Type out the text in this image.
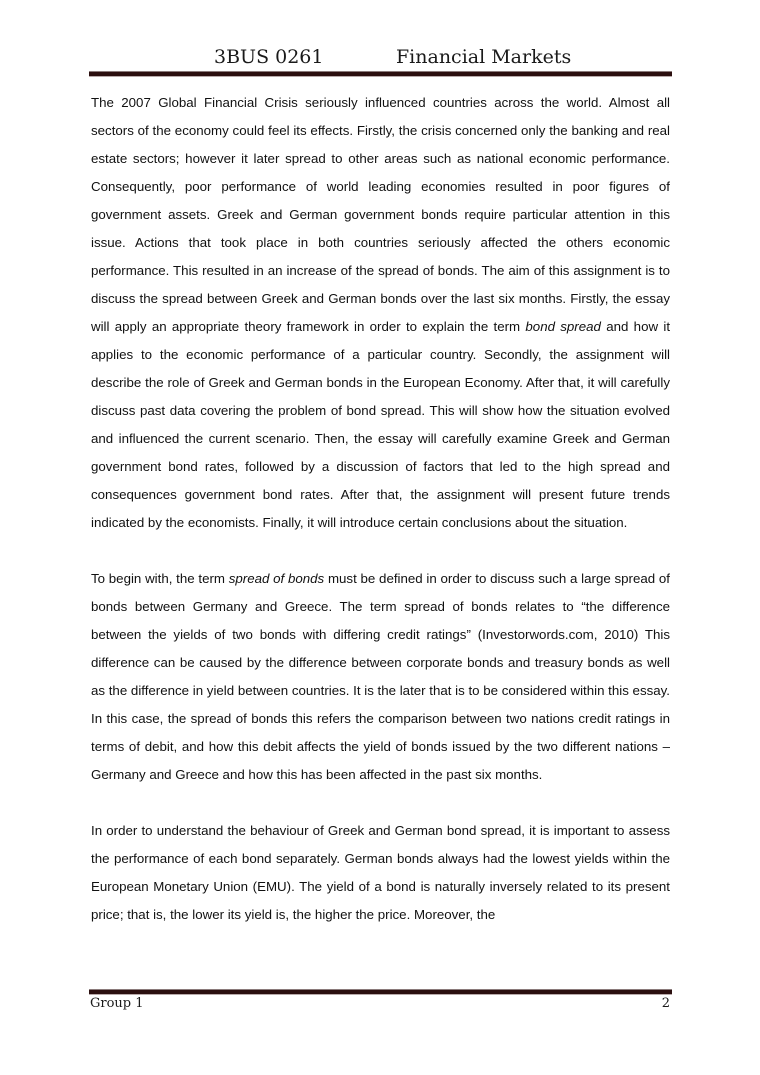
3BUS 0261	Financial Markets

The 2007 Global Financial Crisis seriously influenced countries across the world. Almost all sectors of the economy could feel its effects. Firstly, the crisis concerned only the banking and real estate sectors; however it later spread to other areas such as national economic performance. Consequently, poor performance of world leading economies resulted in poor figures of government assets. Greek and German government bonds require particular attention in this issue. Actions that took place in both countries seriously affected the others economic performance. This resulted in an increase of the spread of bonds. The aim of this assignment is to discuss the spread between Greek and German bonds over the last six months. Firstly, the essay will apply an appropriate theory framework in order to explain the term bond spread and how it applies to the economic performance of a particular country. Secondly, the assignment will describe the role of Greek and German bonds in the European Economy. After that, it will carefully discuss past data covering the problem of bond spread. This will show how the situation evolved and influenced the current scenario. Then, the essay will carefully examine Greek and German government bond rates, followed by a discussion of factors that led to the high spread and consequences government bond rates. After that, the assignment will present future trends indicated by the economists. Finally, it will introduce certain conclusions about the situation.

To begin with, the term spread of bonds must be defined in order to discuss such a large spread of bonds between Germany and Greece. The term spread of bonds relates to “the difference between the yields of two bonds with differing credit ratings” (Investorwords.com, 2010) This difference can be caused by the difference between corporate bonds and treasury bonds as well as the difference in yield between countries. It is the later that is to be considered within this essay. In this case, the spread of bonds this refers the comparison between two nations credit ratings in terms of debit, and how this debit affects the yield of bonds issued by the two different nations – Germany and Greece and how this has been affected in the past six months.

In order to understand the behaviour of Greek and German bond spread, it is important to assess the performance of each bond separately. German bonds always had the lowest yields within the European Monetary Union (EMU). The yield of a bond is naturally inversely related to its present price; that is, the lower its yield is, the higher the price. Moreover, the

Group 1	2
